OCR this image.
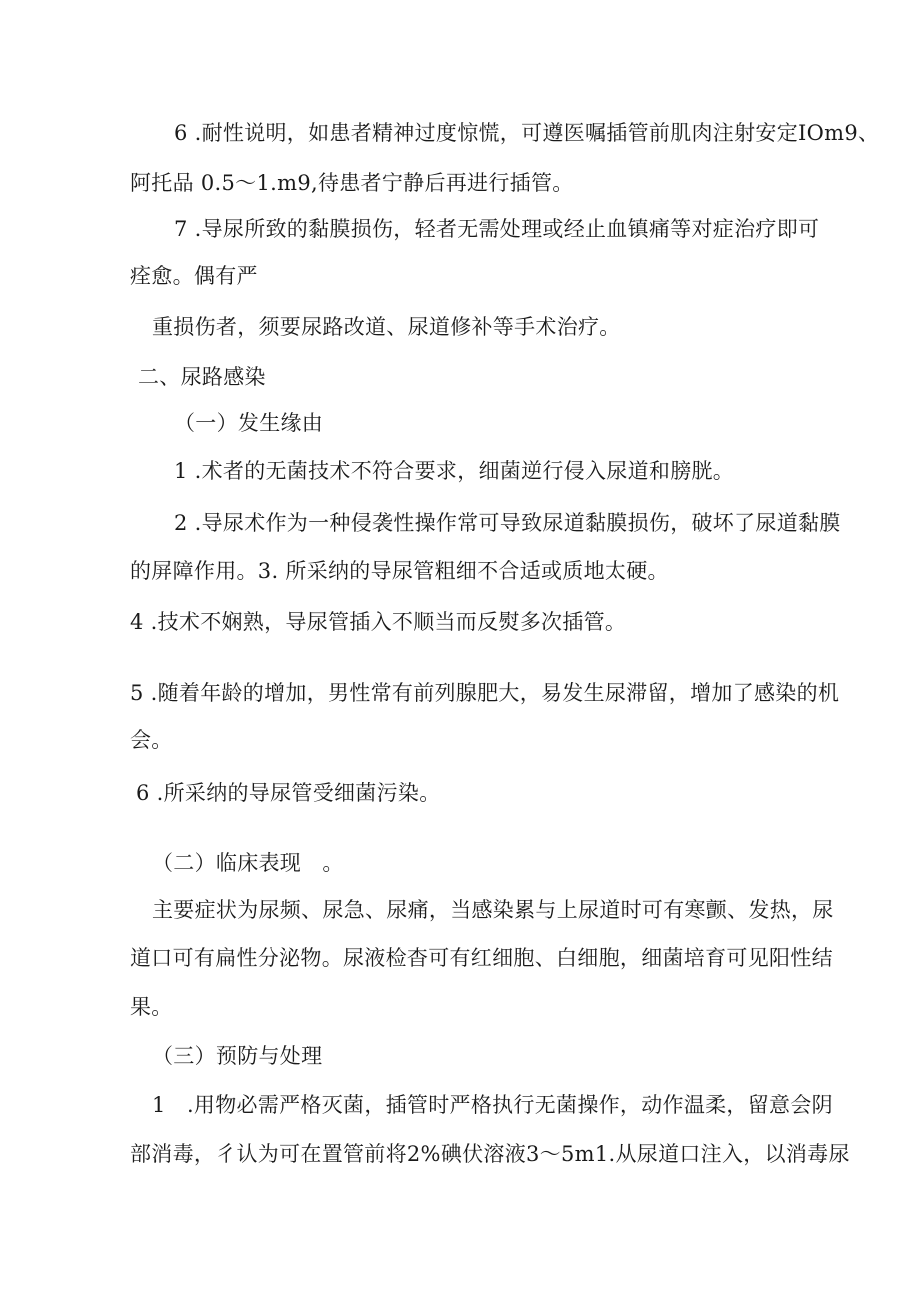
6 .耐性说明，如患者精神过度惊慌，可遵医嘱插管前肌肉注射安定IOm9、
阿托品 0.5～1.m9,待患者宁静后再进行插管。
7 .导尿所致的黏膜损伤，轻者无需处理或经止血镇痛等对症治疗即可
痊愈。偶有严
重损伤者，须要尿路改道、尿道修补等手术治疗。
二、尿路感染
（一）发生缘由
1 .术者的无菌技术不符合要求，细菌逆行侵入尿道和膀胱。
2 .导尿术作为一种侵袭性操作常可导致尿道黏膜损伤，破坏了尿道黏膜
的屏障作用。3. 所采纳的导尿管粗细不合适或质地太硬。
4 .技术不娴熟，导尿管插入不顺当而反熨多次插管。
5 .随着年龄的增加，男性常有前列腺肥大，易发生尿滞留，增加了感染的机
会。
6 .所采纳的导尿管受细菌污染。
（二）临床表现　。
主要症状为尿频、尿急、尿痛，当感染累与上尿道时可有寒颤、发热，尿
道口可有扁性分泌物。尿液检杳可有红细胞、白细胞，细菌培育可见阳性结
果。
（三）预防与处理
1　.用物必需严格灭菌，插管时严格执行无菌操作，动作温柔，留意会阴
部消毒，彳认为可在置管前将2%碘伏溶液3～5m1.从尿道口注入，以消毒尿
